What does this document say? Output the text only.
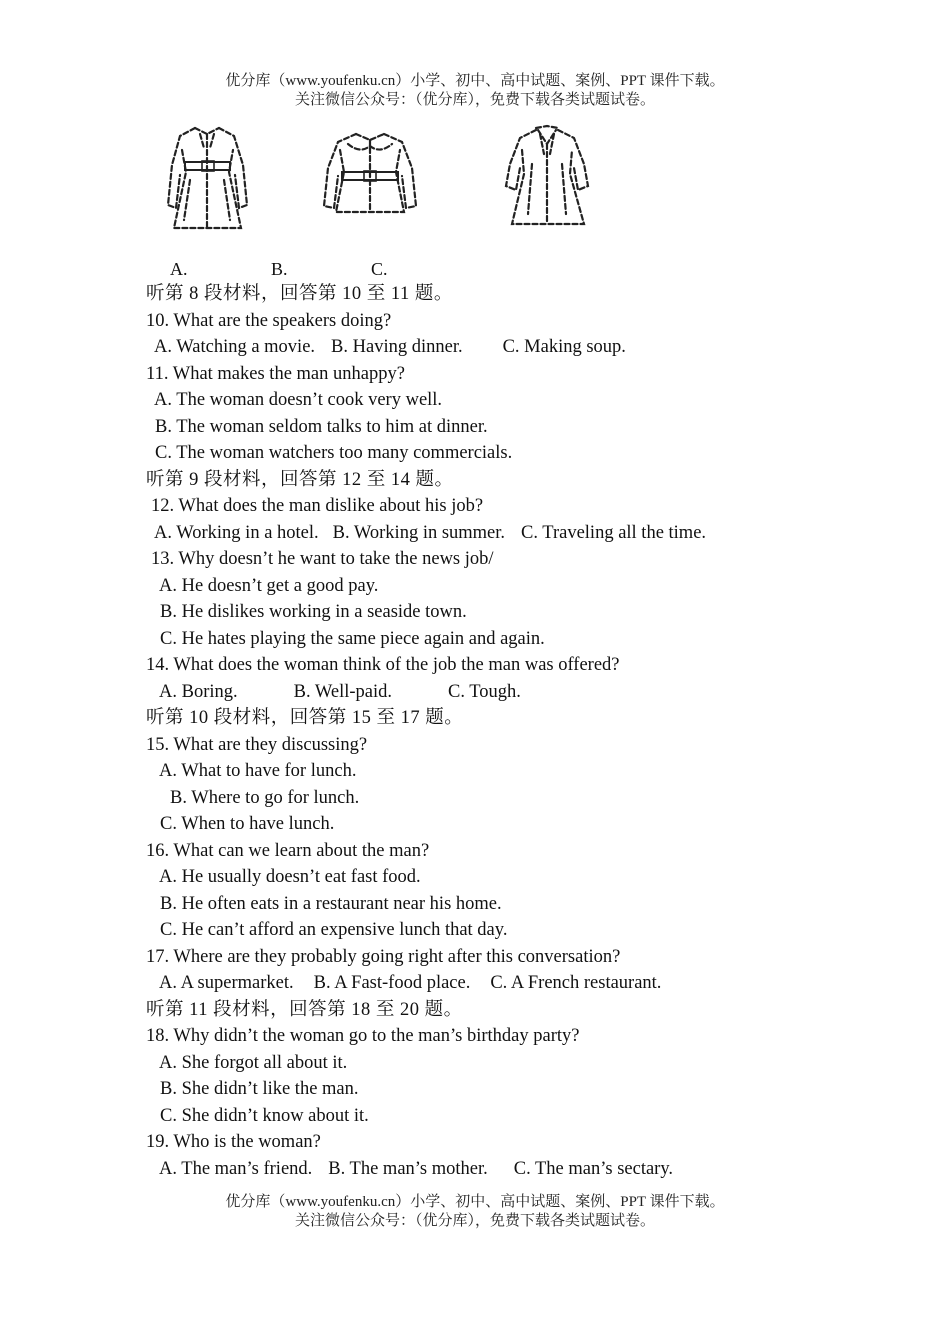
优分库（www.youfenku.cn）小学、初中、高中试题、案例、PPT 课件下载。
关注微信公众号：（优分库），免费下载各类试题试卷。
A.	B.	C.
听第 8 段材料，回答第 10 至 11 题。
10. What are the speakers doing?
A. Watching a movie. B. Having dinner. C. Making soup.
11. What makes the man unhappy?
A. The woman doesn’t cook very well.
B. The woman seldom talks to him at dinner.
C. The woman watchers too many commercials.
听第 9 段材料，回答第 12 至 14 题。
12. What does the man dislike about his job?
A. Working in a hotel. B. Working in summer. C. Traveling all the time.
13. Why doesn’t he want to take the news job/
A. He doesn’t get a good pay.
B. He dislikes working in a seaside town.
C. He hates playing the same piece again and again.
14. What does the woman think of the job the man was offered?
A. Boring.	B. Well-paid.	C. Tough.
听第 10 段材料，回答第 15 至 17 题。
15. What are they discussing?
A. What to have for lunch.
B. Where to go for lunch.
C. When to have lunch.
16. What can we learn about the man?
A. He usually doesn’t eat fast food.
B. He often eats in a restaurant near his home.
C. He can’t afford an expensive lunch that day.
17. Where are they probably going right after this conversation?
A. A supermarket. B. A Fast-food place. C. A French restaurant.
听第 11 段材料，回答第 18 至 20 题。
18. Why didn’t the woman go to the man’s birthday party?
A. She forgot all about it.
B. She didn’t like the man.
C. She didn’t know about it.
19. Who is the woman?
A. The man’s friend. B. The man’s mother. C. The man’s sectary.
优分库（www.youfenku.cn）小学、初中、高中试题、案例、PPT 课件下载。
关注微信公众号：（优分库），免费下载各类试题试卷。
